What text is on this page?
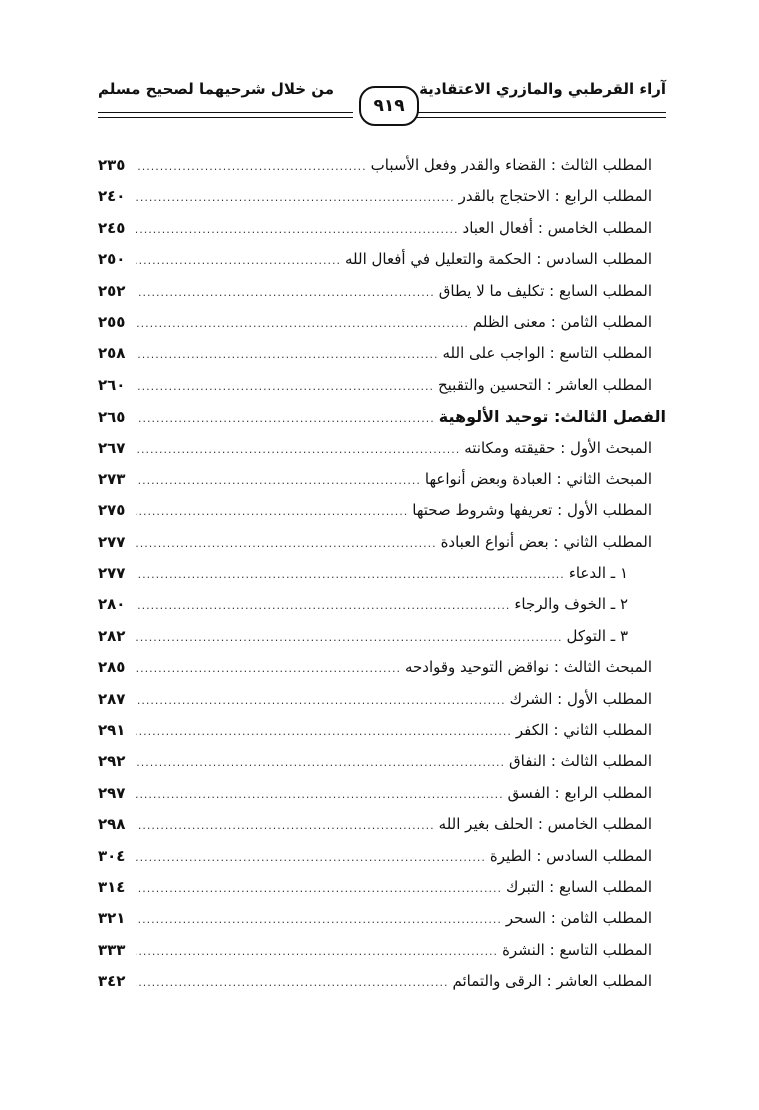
آراء القرطبي والمازري الاعتقادية
من خلال شرحيهما لصحيح مسلم
٩١٩
المطلب الثالث : القضاء والقدر وفعل الأسباب
.....
٢٣٥
المطلب الرابع : الاحتجاج بالقدر
.....
٢٤٠
المطلب الخامس : أفعال العباد
.....
٢٤٥
المطلب السادس : الحكمة والتعليل في أفعال الله
.....
٢٥٠
المطلب السابع : تكليف ما لا يطاق
.....
٢٥٢
المطلب الثامن : معنى الظلم
.....
٢٥٥
المطلب التاسع : الواجب على الله
.....
٢٥٨
المطلب العاشر : التحسين والتقبيح
.....
٢٦٠
الفصل الثالث: توحيد الألوهية
.....
٢٦٥
المبحث الأول : حقيقته ومكانته
.....
٢٦٧
المبحث الثاني : العبادة وبعض أنواعها
.....
٢٧٣
المطلب الأول : تعريفها وشروط صحتها
.....
٢٧٥
المطلب الثاني : بعض أنواع العبادة
.....
٢٧٧
١ ـ الدعاء
.....
٢٧٧
٢ ـ الخوف والرجاء
.....
٢٨٠
٣ ـ التوكل
.....
٢٨٢
المبحث الثالث : نواقض التوحيد وقوادحه
.....
٢٨٥
المطلب الأول : الشرك
.....
٢٨٧
المطلب الثاني : الكفر
.....
٢٩١
المطلب الثالث : النفاق
.....
٢٩٢
المطلب الرابع : الفسق
.....
٢٩٧
المطلب الخامس : الحلف بغير الله
.....
٢٩٨
المطلب السادس : الطيرة
.....
٣٠٤
المطلب السابع : التبرك
.....
٣١٤
المطلب الثامن : السحر
.....
٣٢١
المطلب التاسع : النشرة
.....
٣٣٣
المطلب العاشر : الرقى والتمائم
.....
٣٤٢
